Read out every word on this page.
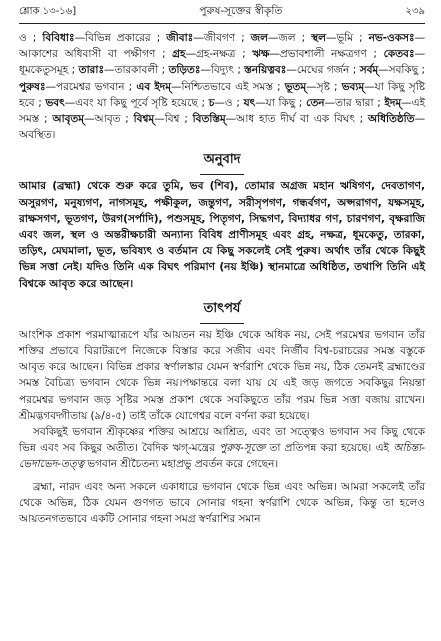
শ্লোক ১৩-১৬]	পুরুষ-সূক্তের স্বীকৃতি	২৩৯
ও ; বিবিধাঃ—বিভিন্ন প্রকারের ; জীবাঃ—জীবগণ ; জল—জল ; স্থল—ভূমি ; নভ-ওকসঃ—আকাশের অধিবাসী বা পক্ষীগণ ; গ্রহ—গ্রহ-নক্ষত্র ; ঋক্ষ—প্রভাবশালী নক্ষত্রগণ ; কেতবঃ—ধূমকেতুসমূহ ; তারাঃ—তারকাবলী ; তড়িতঃ—বিদ্যুৎ ; স্তনয়িত্নবঃ—মেঘের গর্জন ; সর্বম্—সবকিছু ; পুরুষঃ—পরমেশ্বর ভগবান ; এব ইদম্—নিশ্চিতভাবে এই সমস্ত ; ভূতম্—সৃষ্ট ; ভব্যম্—যা কিছু সৃষ্টি হবে ; ভবৎ—এবং যা কিছু পূর্বে সৃষ্টি হয়েছে ; চ—ও ; যৎ—যা কিছু ; তেন—তার দ্বারা ; ইদম্—এই সমস্ত ; আবৃতম্—আবৃত ; বিশ্বম্—বিশ্ব ; বিতস্তিম্—আধ হাত দীর্ঘ বা এক বিঘৎ ; অধিতিষ্ঠতি—অবস্থিত।
অনুবাদ
আমার (ব্রহ্মা) থেকে শুরু করে তুমি, ভব (শিব), তোমার অগ্রজ মহান ঋষিগণ, দেবতাগণ, অসুরগণ, মনুষ্যগণ, নাগসমূহ, পক্ষীকুল, জন্তুগণ, সরীসৃপগণ, গন্ধর্বগণ, অপ্সরাগণ, যক্ষসমূহ, রাক্ষসগণ, ভূতগণ, উরগ(সর্পাদি), পশুসমূহ, পিতৃগণ, সিদ্ধগণ, বিদ্যাধর গণ, চারণগণ, বৃক্ষরাজি এবং জল, স্থল ও অন্তরীক্ষচারী অন্যান্য বিবিধ প্রাণীসমূহ এবং গ্রহ, নক্ষত্র, ধূমকেতু, তারকা, তড়িৎ, মেঘমালা, ভূত, ভবিষ্যৎ ও বর্তমান যে কিছু সকলেই সেই পুরুষ। অর্থাৎ তাঁর থেকে কিছুই ভিন্ন সত্তা নেই। যদিও তিনি এক বিঘৎ পরিমাণ (নয় ইঞ্চি) স্থানমাত্রে অধিষ্ঠিত, তথাপি তিনি এই বিশ্বকে আবৃত করে আছেন।
তাৎপর্য

আংশিক প্রকাশ পরমাত্মারূপে যাঁর আয়তন নয় ইঞ্চি থেকে অধিক নয়, সেই পরমেশ্বর ভগবান তাঁর শক্তির প্রভাবে বিরাটরূপে নিজেকে বিস্তার করে সজীব এবং নির্জীব বিশ্ব-চরাচরের সমস্ত বস্তুকে আবৃত করে আছেন। বিভিন্ন প্রকার স্বর্ণালঙ্কার যেমন স্বর্ণরাশি থেকে ভিন্ন নয়, ঠিক তেমনই ব্রহ্মাণ্ডের সমস্ত বৈচিত্র্য ভগবান থেকে ভিন্ন নয়।পক্ষান্তরে বলা যায় যে এই জড় জগতে সবকিছুর নিয়ন্তা পরমেশ্বর ভগবান জড় সৃষ্টির সমস্ত প্রকাশ থেকে সবকিছুতে তাঁর পরম ভিন্ন সত্তা বজায় রাখেন। শ্রীমদ্ভগবদ্গীতায় (৯/৪-৫) তাই তাঁকে যোগেশ্বর বলে বর্ণনা করা হয়েছে।

সবকিছুই ভগবান শ্রীকৃষ্ণের শক্তির আশ্রয়ে আশ্রিত, এবং তা সত্ত্বেও ভগবান সব কিছু থেকে ভিন্ন এবং সব কিছুর অতীত। বৈদিক ঋগ্-মন্ত্রের পুরুষ-সূক্তে তা প্রতিপন্ন করা হয়েছে। এই অচিন্ত্য-ভেদাভেদ-তত্ত্ব ভগবান শ্রীচৈতন্য মহাপ্রভু প্রবর্তন করে গেছেন।

ব্রহ্মা, নারদ এবং অন্য সকলে একাধারে ভগবান থেকে ভিন্ন এবং অভিন্ন। আমরা সকলেই তাঁর থেকে অভিন্ন, ঠিক যেমন গুণগত ভাবে সোনার গহনা স্বর্ণরাশি থেকে অভিন্ন, কিন্তু তা হলেও আয়তনগতভাবে একটি সোনার গহনা সমগ্র স্বর্ণরাশির সমান
